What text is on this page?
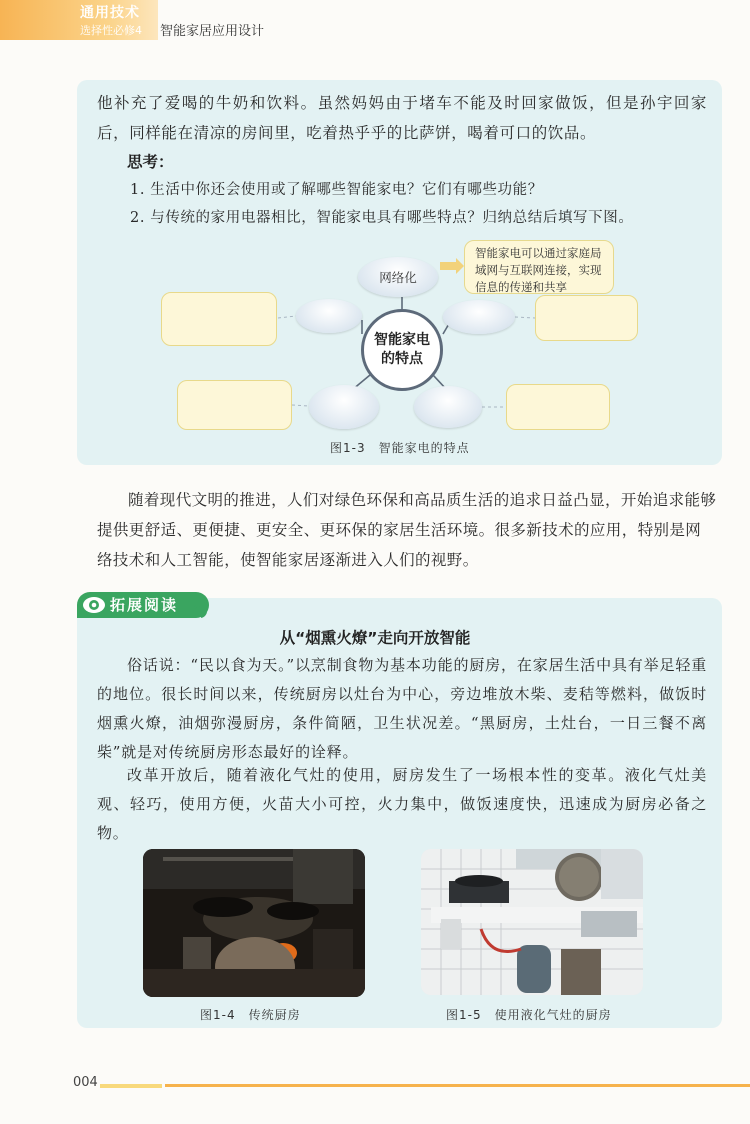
通用技术
选择性必修4 智能家居应用设计
他补充了爱喝的牛奶和饮料。虽然妈妈由于堵车不能及时回家做饭，但是孙宇回家后，同样能在清凉的房间里，吃着热乎乎的比萨饼，喝着可口的饮品。
思考：
1. 生活中你还会使用或了解哪些智能家电？它们有哪些功能？
2. 与传统的家用电器相比，智能家电具有哪些特点？归纳总结后填写下图。
网络化
智能家电的特点
智能家电可以通过家庭局域网与互联网连接，实现信息的传递和共享
图1-3　智能家电的特点
随着现代文明的推进，人们对绿色环保和高品质生活的追求日益凸显，开始追求能够提供更舒适、更便捷、更安全、更环保的家居生活环境。很多新技术的应用，特别是网络技术和人工智能，使智能家居逐渐进入人们的视野。
拓展阅读
从“烟熏火燎”走向开放智能
俗话说：“民以食为天。”以烹制食物为基本功能的厨房，在家居生活中具有举足轻重的地位。很长时间以来，传统厨房以灶台为中心，旁边堆放木柴、麦秸等燃料，做饭时烟熏火燎，油烟弥漫厨房，条件简陋，卫生状况差。“黑厨房，土灶台，一日三餐不离柴”就是对传统厨房形态最好的诠释。
改革开放后，随着液化气灶的使用，厨房发生了一场根本性的变革。液化气灶美观、轻巧，使用方便，火苗大小可控，火力集中，做饭速度快，迅速成为厨房必备之物。
图1-4　传统厨房	图1-5　使用液化气灶的厨房
004
